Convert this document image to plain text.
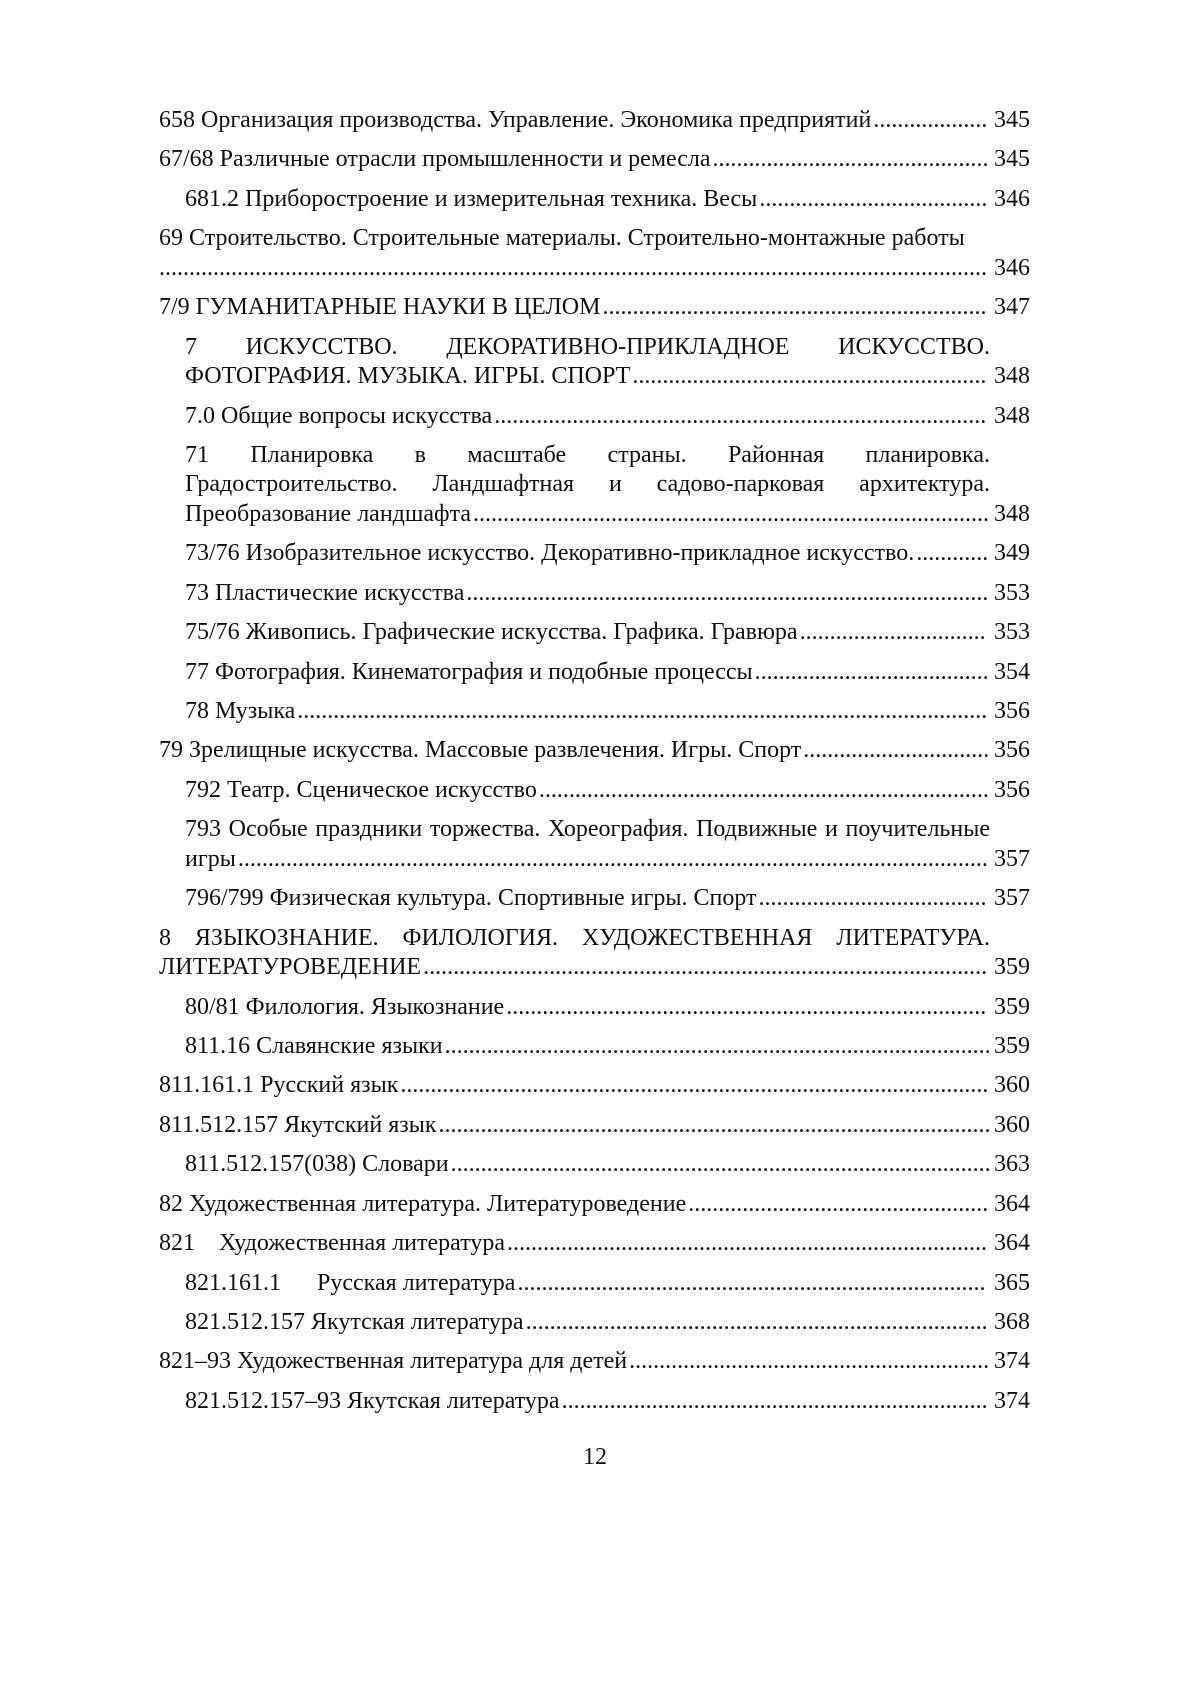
658 Организация производства. Управление. Экономика предприятий ................... 345
67/68 Различные отрасли промышленности и ремесла .............................................. 345
681.2 Приборостроение и измерительная техника. Весы ...................................... 346
69 Строительство. Строительные материалы. Строительно-монтажные работы
.......................................................................................................................................... 346
7/9 ГУМАНИТАРНЫЕ НАУКИ В ЦЕЛОМ ................................................................ 347
7 ИСКУССТВО. ДЕКОРАТИВНО-ПРИКЛАДНОЕ ИСКУССТВО. ФОТОГРАФИЯ. МУЗЫКА. ИГРЫ. СПОРТ ........................................................... 348
7.0 Общие вопросы искусства .................................................................................. 348
71 Планировка в масштабе страны. Районная планировка. Градостроительство. Ландшафтная и садово-парковая архитектура. Преобразование ландшафта ...................................................................................... 348
73/76 Изобразительное искусство. Декоративно-прикладное искусство. ............ 349
73 Пластические искусства ....................................................................................... 353
75/76 Живопись. Графические искусства. Графика. Гравюра ............................... 353
77 Фотография. Кинематография и подобные процессы ....................................... 354
78 Музыка ................................................................................................................... 356
79 Зрелищные искусства. Массовые развлечения. Игры. Спорт ............................... 356
792 Театр. Сценическое искусство ........................................................................... 356
793 Особые праздники торжества. Хореография. Подвижные и поучительные игры ............................................................................................................................. 357
796/799 Физическая культура. Спортивные игры. Спорт ...................................... 357
8 ЯЗЫКОЗНАНИЕ. ФИЛОЛОГИЯ. ХУДОЖЕСТВЕННАЯ ЛИТЕРАТУРА. ЛИТЕРАТУРОВЕДЕНИЕ .............................................................................................. 359
80/81 Филология. Языкознание ................................................................................ 359
811.16 Славянские языки ........................................................................................... 359
811.161.1 Русский язык .................................................................................................. 360
811.512.157 Якутский язык ............................................................................................ 360
811.512.157(038) Словари .......................................................................................... 363
82 Художественная литература. Литературоведение .................................................. 364
821    Художественная литература ................................................................................ 364
821.161.1      Русская литература .............................................................................. 365
821.512.157 Якутская литература ............................................................................. 368
821–93 Художественная литература для детей ............................................................ 374
821.512.157–93 Якутская литература ....................................................................... 374
12
